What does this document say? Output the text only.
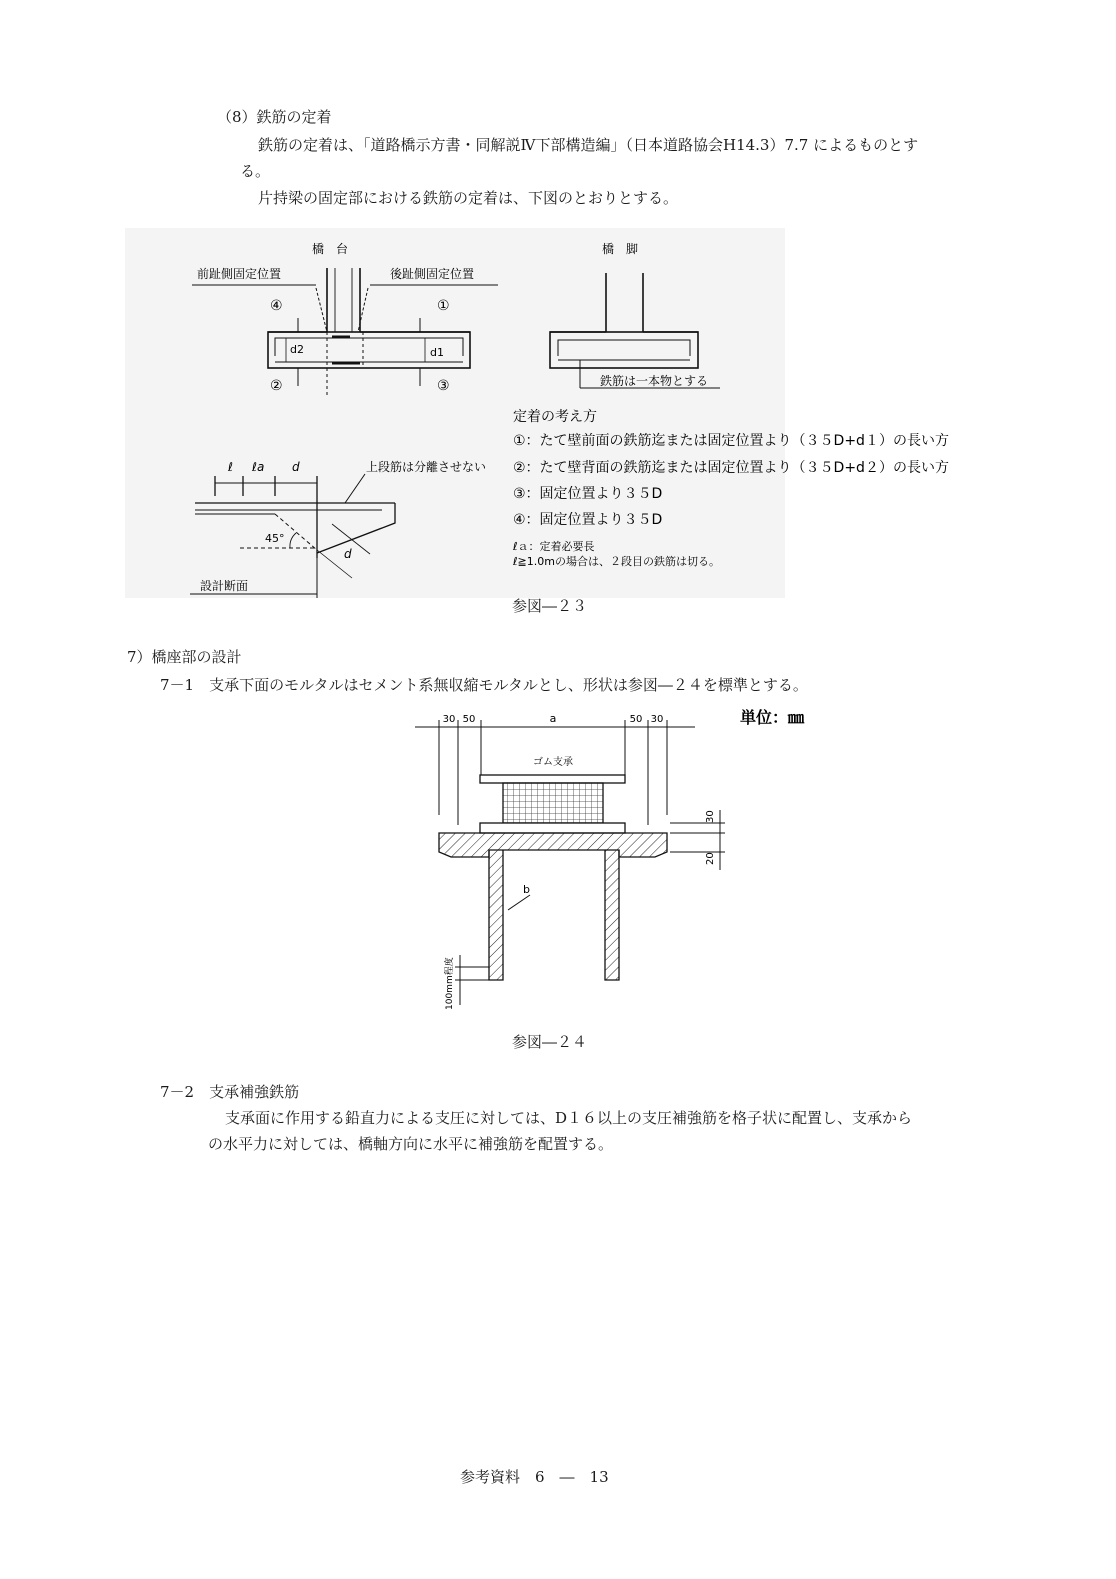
（8）鉄筋の定着
鉄筋の定着は、「道路橋示方書・同解説Ⅳ下部構造編」（日本道路協会H14.3）7.7 によるものとす
る。
片持梁の固定部における鉄筋の定着は、下図のとおりとする。
橋　台
前趾側固定位置	後趾側固定位置
④	①
②	③
d2	d1
橋　脚
鉄筋は一本物とする
定着の考え方
①：たて壁前面の鉄筋迄または固定位置より（３５D+d１）の長い方
②：たて壁背面の鉄筋迄または固定位置より（３５D+d２）の長い方
③：固定位置より３５D
④：固定位置より３５D
ℓａ：定着必要長
ℓ≧1.0mの場合は、２段目の鉄筋は切る。
ℓ ℓa d	上段筋は分離させない
45°
d
設計断面
参図―２３
7）橋座部の設計
7－1　支承下面のモルタルはセメント系無収縮モルタルとし、形状は参図―２４を標準とする。
30 50	a	50 30	単位：㎜
ゴム支承
30
20
b
100mm程度
参図―２４
7－2　支承補強鉄筋
支承面に作用する鉛直力による支圧に対しては、D１６以上の支圧補強筋を格子状に配置し、支承から
の水平力に対しては、橋軸方向に水平に補強筋を配置する。
参考資料　6　―　13
